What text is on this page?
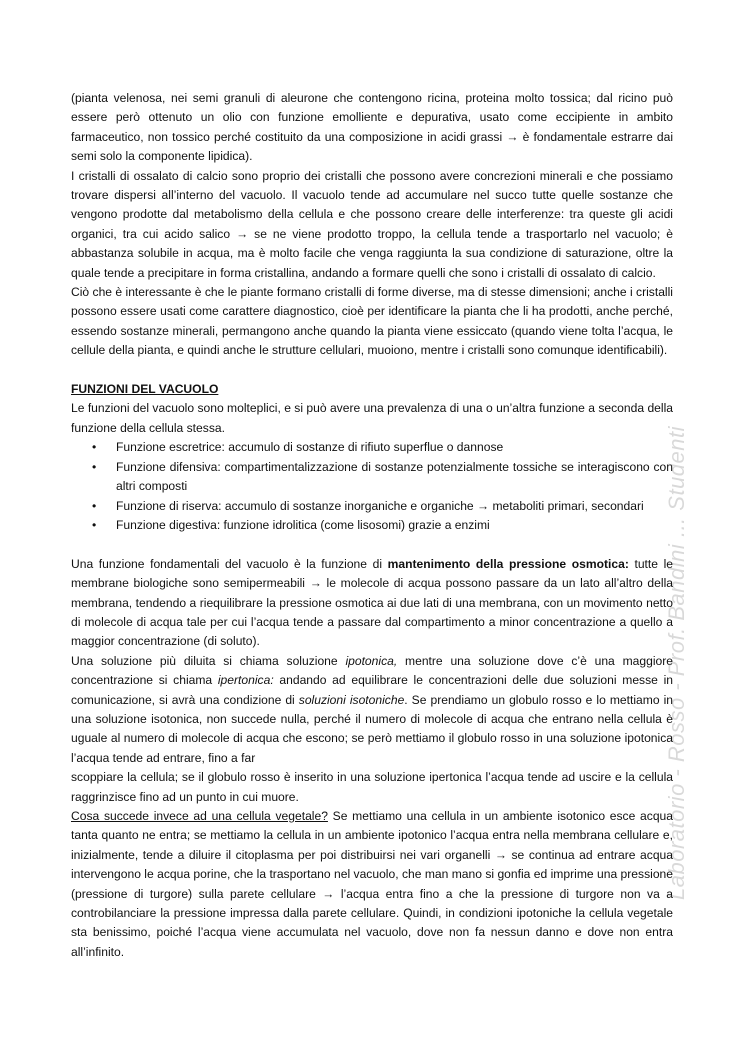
(pianta velenosa, nei semi granuli di aleurone che contengono ricina, proteina molto tossica; dal ricino può essere però ottenuto un olio con funzione emolliente e depurativa, usato come eccipiente in ambito farmaceutico, non tossico perché costituito da una composizione in acidi grassi → è fondamentale estrarre dai semi solo la componente lipidica).

I cristalli di ossalato di calcio sono proprio dei cristalli che possono avere concrezioni minerali e che possiamo trovare dispersi all’interno del vacuolo. Il vacuolo tende ad accumulare nel succo tutte quelle sostanze che vengono prodotte dal metabolismo della cellula e che possono creare delle interferenze: tra queste gli acidi organici, tra cui acido salico → se ne viene prodotto troppo, la cellula tende a trasportarlo nel vacuolo; è abbastanza solubile in acqua, ma è molto facile che venga raggiunta la sua condizione di saturazione, oltre la quale tende a precipitare in forma cristallina, andando a formare quelli che sono i cristalli di ossalato di calcio.

Ciò che è interessante è che le piante formano cristalli di forme diverse, ma di stesse dimensioni; anche i cristalli possono essere usati come carattere diagnostico, cioè per identificare la pianta che li ha prodotti, anche perché, essendo sostanze minerali, permangono anche quando la pianta viene essiccato (quando viene tolta l’acqua, le cellule della pianta, e quindi anche le strutture cellulari, muoiono, mentre i cristalli sono comunque identificabili).

FUNZIONI DEL VACUOLO

Le funzioni del vacuolo sono molteplici, e si può avere una prevalenza di una o un’altra funzione a seconda della funzione della cellula stessa.

• Funzione escretrice: accumulo di sostanze di rifiuto superflue o dannose
• Funzione difensiva: compartimentalizzazione di sostanze potenzialmente tossiche se interagiscono con altri composti
• Funzione di riserva: accumulo di sostanze inorganiche e organiche → metaboliti primari, secondari
• Funzione digestiva: funzione idrolitica (come lisosomi) grazie a enzimi

Una funzione fondamentali del vacuolo è la funzione di mantenimento della pressione osmotica: tutte le membrane biologiche sono semipermeabili → le molecole di acqua possono passare da un lato all’altro della membrana, tendendo a riequilibrare la pressione osmotica ai due lati di una membrana, con un movimento netto di molecole di acqua tale per cui l’acqua tende a passare dal compartimento a minor concentrazione a quello a maggior concentrazione (di soluto).

Una soluzione più diluita si chiama soluzione ipotonica, mentre una soluzione dove c’è una maggiore concentrazione si chiama ipertonica: andando ad equilibrare le concentrazioni delle due soluzioni messe in comunicazione, si avrà una condizione di soluzioni isotoniche. Se prendiamo un globulo rosso e lo mettiamo in una soluzione isotonica, non succede nulla, perché il numero di molecole di acqua che entrano nella cellula è uguale al numero di molecole di acqua che escono; se però mettiamo il globulo rosso in una soluzione ipotonica l’acqua tende ad entrare, fino a far

scoppiare la cellula; se il globulo rosso è inserito in una soluzione ipertonica l’acqua tende ad uscire e la cellula raggrinzisce fino ad un punto in cui muore.

Cosa succede invece ad una cellula vegetale? Se mettiamo una cellula in un ambiente isotonico esce acqua tanta quanto ne entra; se mettiamo la cellula in un ambiente ipotonico l’acqua entra nella membrana cellulare e, inizialmente, tende a diluire il citoplasma per poi distribuirsi nei vari organelli → se continua ad entrare acqua intervengono le acqua porine, che la trasportano nel vacuolo, che man mano si gonfia ed imprime una pressione (pressione di turgore) sulla parete cellulare → l’acqua entra fino a che la pressione di turgore non va a controbilanciare la pressione impressa dalla parete cellulare. Quindi, in condizioni ipotoniche la cellula vegetale sta benissimo, poiché l’acqua viene accumulata nel vacuolo, dove non fa nessun danno e dove non entra all’infinito.

Laboratorio - Rosso - Prof. Bandini ... Studenti
